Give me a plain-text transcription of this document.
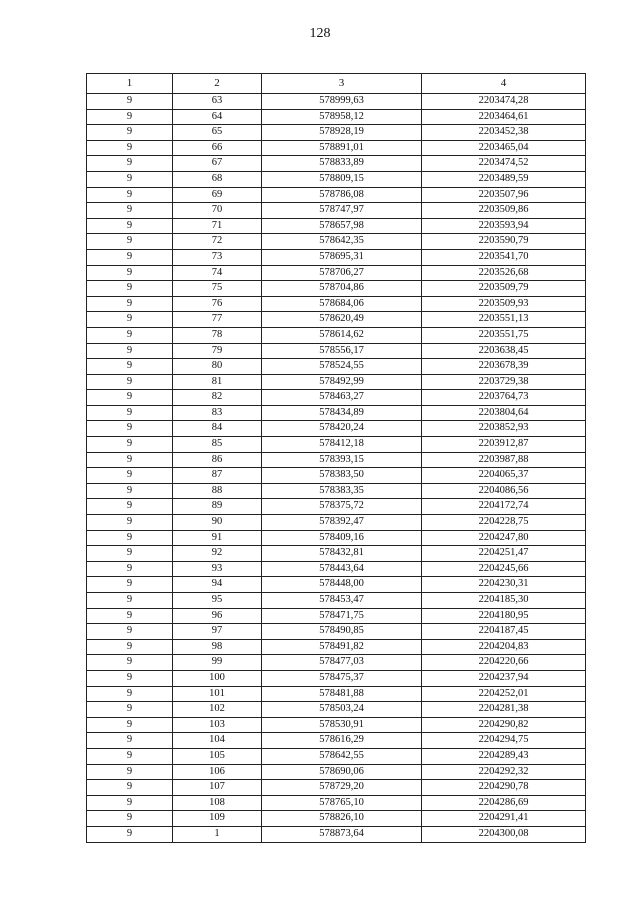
128
1	2	3	4
9	63	578999,63	2203474,28
9	64	578958,12	2203464,61
9	65	578928,19	2203452,38
9	66	578891,01	2203465,04
9	67	578833,89	2203474,52
9	68	578809,15	2203489,59
9	69	578786,08	2203507,96
9	70	578747,97	2203509,86
9	71	578657,98	2203593,94
9	72	578642,35	2203590,79
9	73	578695,31	2203541,70
9	74	578706,27	2203526,68
9	75	578704,86	2203509,79
9	76	578684,06	2203509,93
9	77	578620,49	2203551,13
9	78	578614,62	2203551,75
9	79	578556,17	2203638,45
9	80	578524,55	2203678,39
9	81	578492,99	2203729,38
9	82	578463,27	2203764,73
9	83	578434,89	2203804,64
9	84	578420,24	2203852,93
9	85	578412,18	2203912,87
9	86	578393,15	2203987,88
9	87	578383,50	2204065,37
9	88	578383,35	2204086,56
9	89	578375,72	2204172,74
9	90	578392,47	2204228,75
9	91	578409,16	2204247,80
9	92	578432,81	2204251,47
9	93	578443,64	2204245,66
9	94	578448,00	2204230,31
9	95	578453,47	2204185,30
9	96	578471,75	2204180,95
9	97	578490,85	2204187,45
9	98	578491,82	2204204,83
9	99	578477,03	2204220,66
9	100	578475,37	2204237,94
9	101	578481,88	2204252,01
9	102	578503,24	2204281,38
9	103	578530,91	2204290,82
9	104	578616,29	2204294,75
9	105	578642,55	2204289,43
9	106	578690,06	2204292,32
9	107	578729,20	2204290,78
9	108	578765,10	2204286,69
9	109	578826,10	2204291,41
9	1	578873,64	2204300,08
